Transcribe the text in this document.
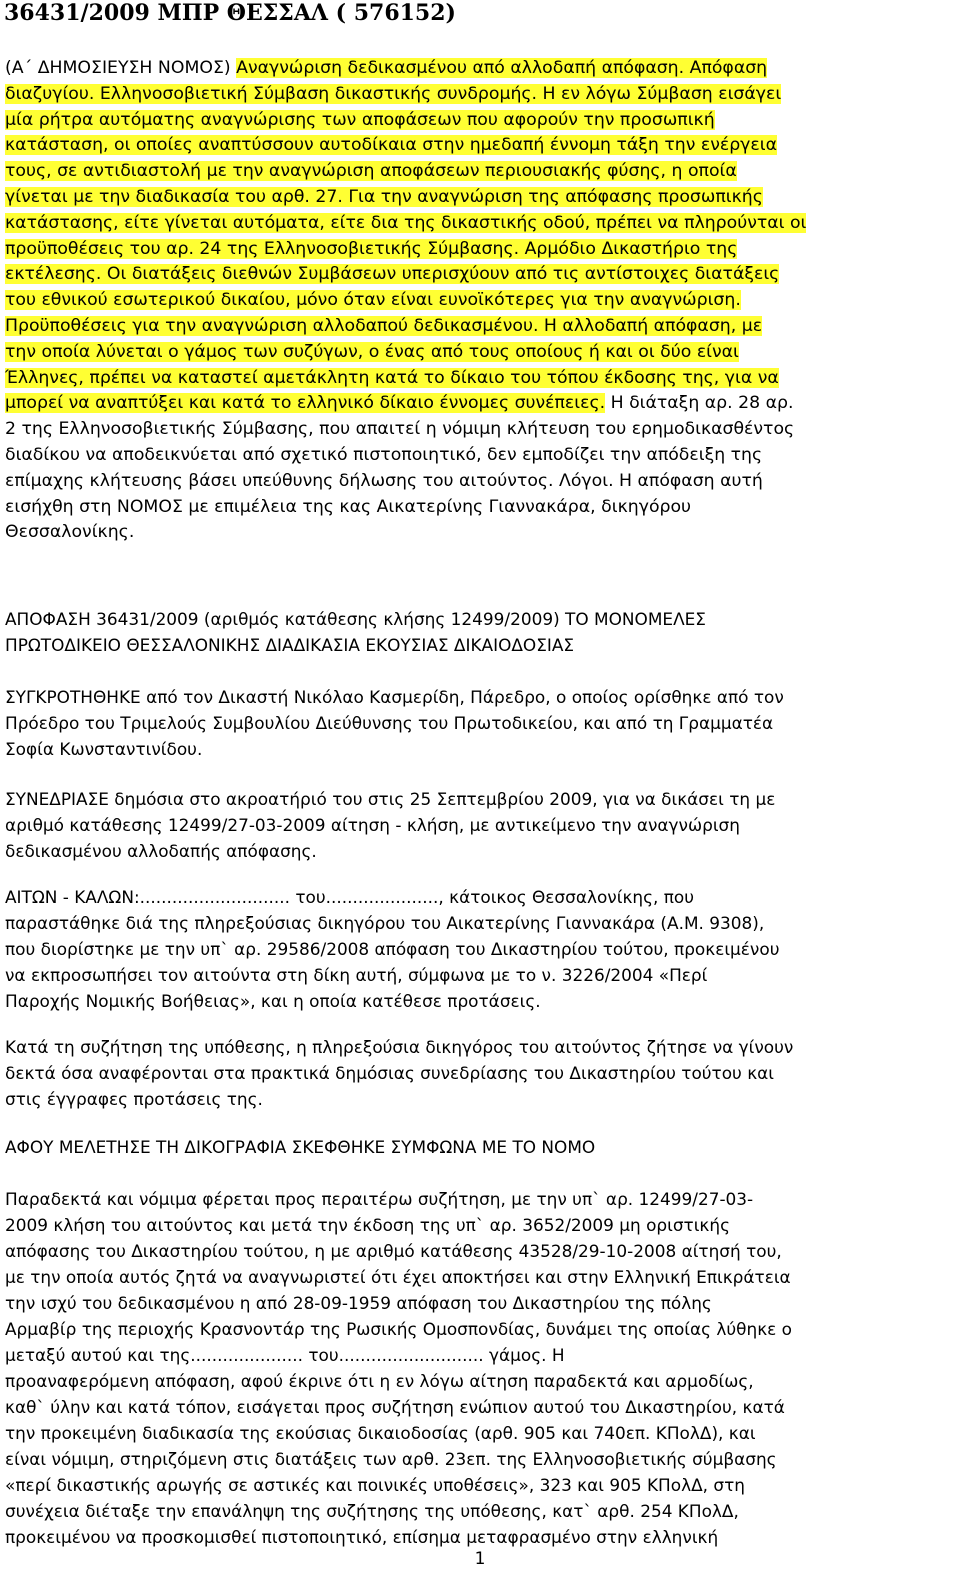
36431/2009 ΜΠΡ ΘΕΣΣΑΛ ( 576152)
(Α΄ ΔΗΜΟΣΙΕΥΣΗ ΝΟΜΟΣ) Αναγνώριση δεδικασμένου από αλλοδαπή απόφαση. Απόφαση
διαζυγίου. Ελληνοσοβιετική Σύμβαση δικαστικής συνδρομής. Η εν λόγω Σύμβαση εισάγει
μία ρήτρα αυτόματης αναγνώρισης των αποφάσεων που αφορούν την προσωπική
κατάσταση, οι οποίες αναπτύσσουν αυτοδίκαια στην ημεδαπή έννομη τάξη την ενέργεια
τους, σε αντιδιαστολή με την αναγνώριση αποφάσεων περιουσιακής φύσης, η οποία
γίνεται με την διαδικασία του αρθ. 27. Για την αναγνώριση της απόφασης προσωπικής
κατάστασης, είτε γίνεται αυτόματα, είτε δια της δικαστικής οδού, πρέπει να πληρούνται οι
προϋποθέσεις του αρ. 24 της Ελληνοσοβιετικής Σύμβασης. Αρμόδιο Δικαστήριο της
εκτέλεσης. Οι διατάξεις διεθνών Συμβάσεων υπερισχύουν από τις αντίστοιχες διατάξεις
του εθνικού εσωτερικού δικαίου, μόνο όταν είναι ευνοϊκότερες για την αναγνώριση.
Προϋποθέσεις για την αναγνώριση αλλοδαπού δεδικασμένου. Η αλλοδαπή απόφαση, με
την οποία λύνεται ο γάμος των συζύγων, ο ένας από τους οποίους ή και οι δύο είναι
Έλληνες, πρέπει να καταστεί αμετάκλητη κατά το δίκαιο του τόπου έκδοσης της, για να
μπορεί να αναπτύξει και κατά το ελληνικό δίκαιο έννομες συνέπειες. Η διάταξη αρ. 28 αρ.
2 της Ελληνοσοβιετικής Σύμβασης, που απαιτεί η νόμιμη κλήτευση του ερημοδικασθέντος
διαδίκου να αποδεικνύεται από σχετικό πιστοποιητικό, δεν εμποδίζει την απόδειξη της
επίμαχης κλήτευσης βάσει υπεύθυνης δήλωσης του αιτούντος. Λόγοι. Η απόφαση αυτή
εισήχθη στη ΝΟΜΟΣ με επιμέλεια της κας Αικατερίνης Γιαννακάρα, δικηγόρου
Θεσσαλονίκης.
ΑΠΟΦΑΣΗ 36431/2009 (αριθμός κατάθεσης κλήσης 12499/2009) ΤΟ ΜΟΝΟΜΕΛΕΣ
ΠΡΩΤΟΔΙΚΕΙΟ ΘΕΣΣΑΛΟΝΙΚΗΣ ΔΙΑΔΙΚΑΣΙΑ ΕΚΟΥΣΙΑΣ ΔΙΚΑΙΟΔΟΣΙΑΣ
ΣΥΓΚΡΟΤΗΘΗΚΕ από τον Δικαστή Νικόλαο Κασμερίδη, Πάρεδρο, ο οποίος ορίσθηκε από τον
Πρόεδρο του Τριμελούς Συμβουλίου Διεύθυνσης του Πρωτοδικείου, και από τη Γραμματέα
Σοφία Κωνσταντινίδου.
ΣΥΝΕΔΡΙΑΣΕ δημόσια στο ακροατήριό του στις 25 Σεπτεμβρίου 2009, για να δικάσει τη με
αριθμό κατάθεσης 12499/27-03-2009 αίτηση - κλήση, με αντικείμενο την αναγνώριση
δεδικασμένου αλλοδαπής απόφασης.
ΑΙΤΩΝ - ΚΑΛΩΝ:............................ του....................., κάτοικος Θεσσαλονίκης, που
παραστάθηκε διά της πληρεξούσιας δικηγόρου του Αικατερίνης Γιαννακάρα (Α.Μ. 9308),
που διορίστηκε με την υπ` αρ. 29586/2008 απόφαση του Δικαστηρίου τούτου, προκειμένου
να εκπροσωπήσει τον αιτούντα στη δίκη αυτή, σύμφωνα με το ν. 3226/2004 «Περί
Παροχής Νομικής Βοήθειας», και η οποία κατέθεσε προτάσεις.
Κατά τη συζήτηση της υπόθεσης, η πληρεξούσια δικηγόρος του αιτούντος ζήτησε να γίνουν
δεκτά όσα αναφέρονται στα πρακτικά δημόσιας συνεδρίασης του Δικαστηρίου τούτου και
στις έγγραφες προτάσεις της.
ΑΦΟΥ ΜΕΛΕΤΗΣΕ ΤΗ ΔΙΚΟΓΡΑΦΙΑ ΣΚΕΦΘΗΚΕ ΣΥΜΦΩΝΑ ΜΕ ΤΟ ΝΟΜΟ
Παραδεκτά και νόμιμα φέρεται προς περαιτέρω συζήτηση, με την υπ` αρ. 12499/27-03-
2009 κλήση του αιτούντος και μετά την έκδοση της υπ` αρ. 3652/2009 μη οριστικής
απόφασης του Δικαστηρίου τούτου, η με αριθμό κατάθεσης 43528/29-10-2008 αίτησή του,
με την οποία αυτός ζητά να αναγνωριστεί ότι έχει αποκτήσει και στην Ελληνική Επικράτεια
την ισχύ του δεδικασμένου η από 28-09-1959 απόφαση του Δικαστηρίου της πόλης
Αρμαβίρ της περιοχής Κρασνοντάρ της Ρωσικής Ομοσπονδίας, δυνάμει της οποίας λύθηκε ο
μεταξύ αυτού και της..................... του........................... γάμος. Η
προαναφερόμενη απόφαση, αφού έκρινε ότι η εν λόγω αίτηση παραδεκτά και αρμοδίως,
καθ` ύλην και κατά τόπον, εισάγεται προς συζήτηση ενώπιον αυτού του Δικαστηρίου, κατά
την προκειμένη διαδικασία της εκούσιας δικαιοδοσίας (αρθ. 905 και 740επ. ΚΠολΔ), και
είναι νόμιμη, στηριζόμενη στις διατάξεις των αρθ. 23επ. της Ελληνοσοβιετικής σύμβασης
«περί δικαστικής αρωγής σε αστικές και ποινικές υποθέσεις», 323 και 905 ΚΠολΔ, στη
συνέχεια διέταξε την επανάληψη της συζήτησης της υπόθεσης, κατ` αρθ. 254 ΚΠολΔ,
προκειμένου να προσκομισθεί πιστοποιητικό, επίσημα μεταφρασμένο στην ελληνική
1
